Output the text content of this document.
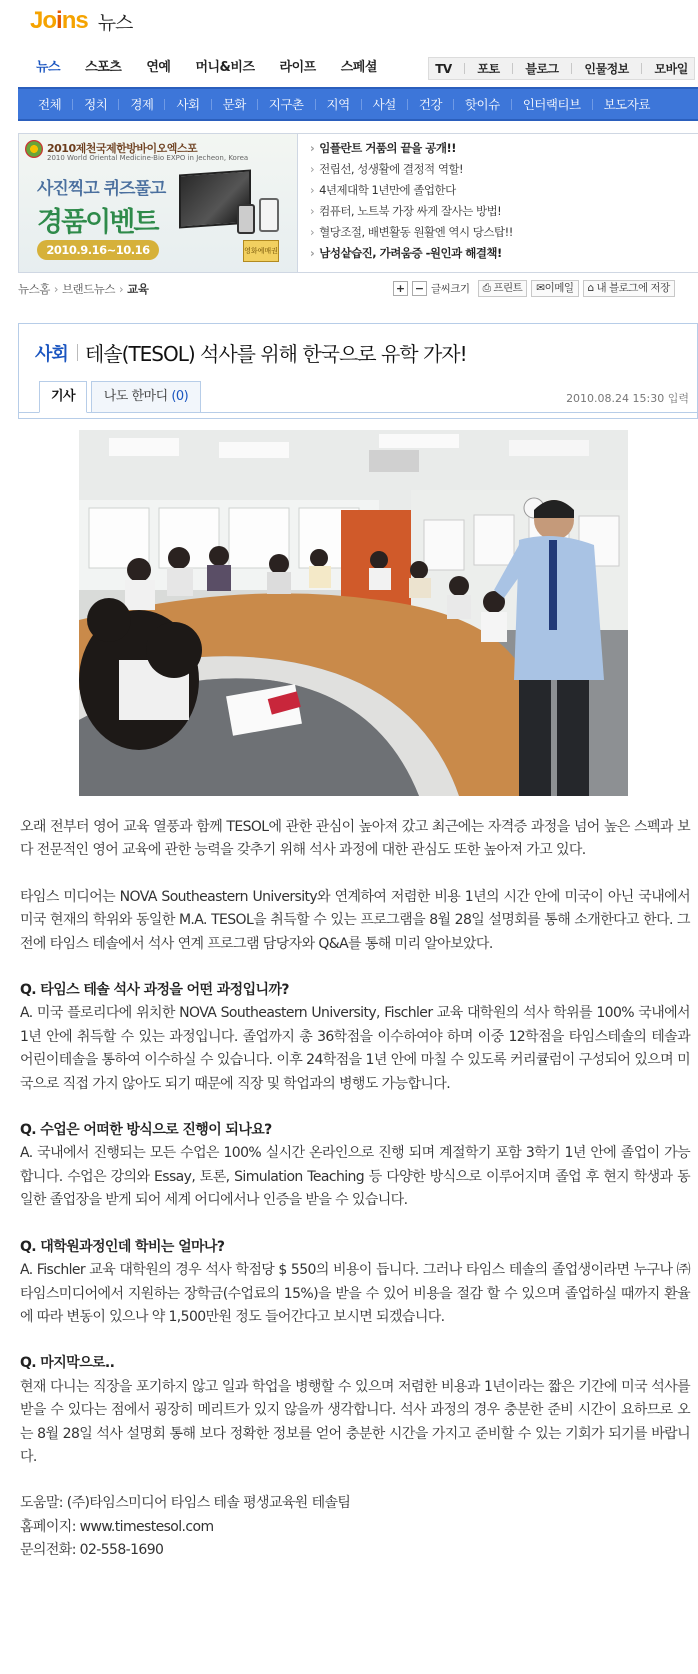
Joins 뉴스
뉴스 스포츠 연예 머니&비즈 라이프 스페셜	TV 포토 블로그 인물정보 모바일
전체 정치 경제 사회 문화 지구촌 지역 사설 건강 핫이슈 인터랙티브 보도자료
2010제천국제한방바이오엑스포
2010 World Oriental Medicine-Bio EXPO in Jecheon, Korea
사진찍고 퀴즈풀고
경품이벤트
2010.9.16~10.16	영화예매권
› 임플란트 거품의 끝을 공개!!
› 전립선, 성생활에 결정적 역할!
› 4년제대학 1년만에 졸업한다
› 컴퓨터, 노트북 가장 싸게 잘사는 방법!
› 혈당조절, 배변활동 원활엔 역시 당스탑!!
› 남성샅습진, 가려움증 -원인과 해결책!
뉴스홈 › 브랜드뉴스 › 교육	+ − 글씨크기	⎙ 프린트	✉이메일	⌂ 내 블로그에 저장
사회 테솔(TESOL) 석사를 위해 한국으로 유학 가자!
기사	나도 한마디 (0)	2010.08.24 15:30 입력

오래 전부터 영어 교육 열풍과 함께 TESOL에 관한 관심이 높아져 갔고 최근에는 자격증 과정을 넘어 높은 스펙과 보다 전문적인 영어 교육에 관한 능력을 갖추기 위해 석사 과정에 대한 관심도 또한 높아져 가고 있다.

타임스 미디어는 NOVA Southeastern University와 연계하여 저렴한 비용 1년의 시간 안에 미국이 아닌 국내에서 미국 현재의 학위와 동일한 M.A. TESOL을 취득할 수 있는 프로그램을 8월 28일 설명회를 통해 소개한다고 한다. 그 전에 타임스 테솔에서 석사 연계 프로그램 담당자와 Q&A를 통해 미리 알아보았다.

Q. 타임스 테솔 석사 과정을 어떤 과정입니까?
A. 미국 플로리다에 위치한 NOVA Southeastern University, Fischler 교육 대학원의 석사 학위를 100% 국내에서 1년 안에 취득할 수 있는 과정입니다. 졸업까지 총 36학점을 이수하여야 하며 이중 12학점을 타임스테솔의 테솔과 어린이테솔을 통하여 이수하실 수 있습니다. 이후 24학점을 1년 안에 마칠 수 있도록 커리큘럼이 구성되어 있으며 미국으로 직접 가지 않아도 되기 때문에 직장 및 학업과의 병행도 가능합니다.

Q. 수업은 어떠한 방식으로 진행이 되나요?
A. 국내에서 진행되는 모든 수업은 100% 실시간 온라인으로 진행 되며 계절학기 포함 3학기 1년 안에 졸업이 가능합니다. 수업은 강의와 Essay, 토론, Simulation Teaching 등 다양한 방식으로 이루어지며 졸업 후 현지 학생과 동일한 졸업장을 받게 되어 세계 어디에서나 인증을 받을 수 있습니다.

Q. 대학원과정인데 학비는 얼마나?
A. Fischler 교육 대학원의 경우 석사 학점당 $ 550의 비용이 듭니다. 그러나 타임스 테솔의 졸업생이라면 누구나 ㈜타임스미디어에서 지원하는 장학금(수업료의 15%)을 받을 수 있어 비용을 절감 할 수 있으며 졸업하실 때까지 환율에 따라 변동이 있으나 약 1,500만원 정도 들어간다고 보시면 되겠습니다.

Q. 마지막으로..
현재 다니는 직장을 포기하지 않고 일과 학업을 병행할 수 있으며 저렴한 비용과 1년이라는 짧은 기간에 미국 석사를 받을 수 있다는 점에서 굉장히 메리트가 있지 않을까 생각합니다. 석사 과정의 경우 충분한 준비 시간이 요하므로 오는 8월 28일 석사 설명회 통해 보다 정확한 정보를 얻어 충분한 시간을 가지고 준비할 수 있는 기회가 되기를 바랍니다.

도움말: (주)타임스미디어 타임스 테솔 평생교육원 테솔팀
홈페이지: www.timestesol.com
문의전화: 02-558-1690
